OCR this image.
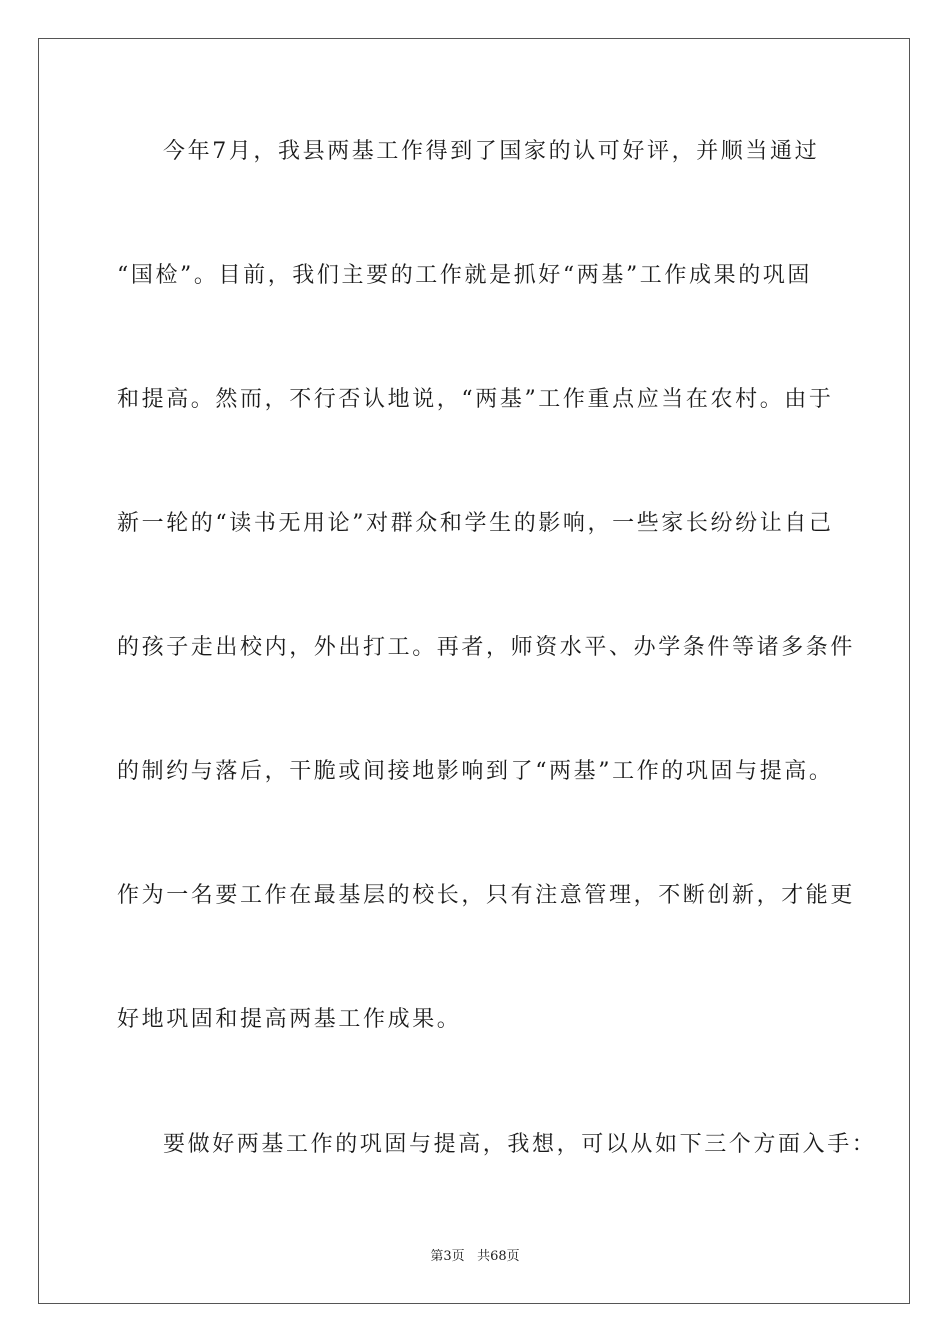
今年7月，我县两基工作得到了国家的认可好评，并顺当通过
“国检”。目前，我们主要的工作就是抓好“两基”工作成果的巩固
和提高。然而，不行否认地说，“两基”工作重点应当在农村。由于
新一轮的“读书无用论”对群众和学生的影响，一些家长纷纷让自己
的孩子走出校内，外出打工。再者，师资水平、办学条件等诸多条件
的制约与落后，干脆或间接地影响到了“两基”工作的巩固与提高。
作为一名要工作在最基层的校长，只有注意管理，不断创新，才能更
好地巩固和提高两基工作成果。
要做好两基工作的巩固与提高，我想，可以从如下三个方面入手：
第3页 共68页
